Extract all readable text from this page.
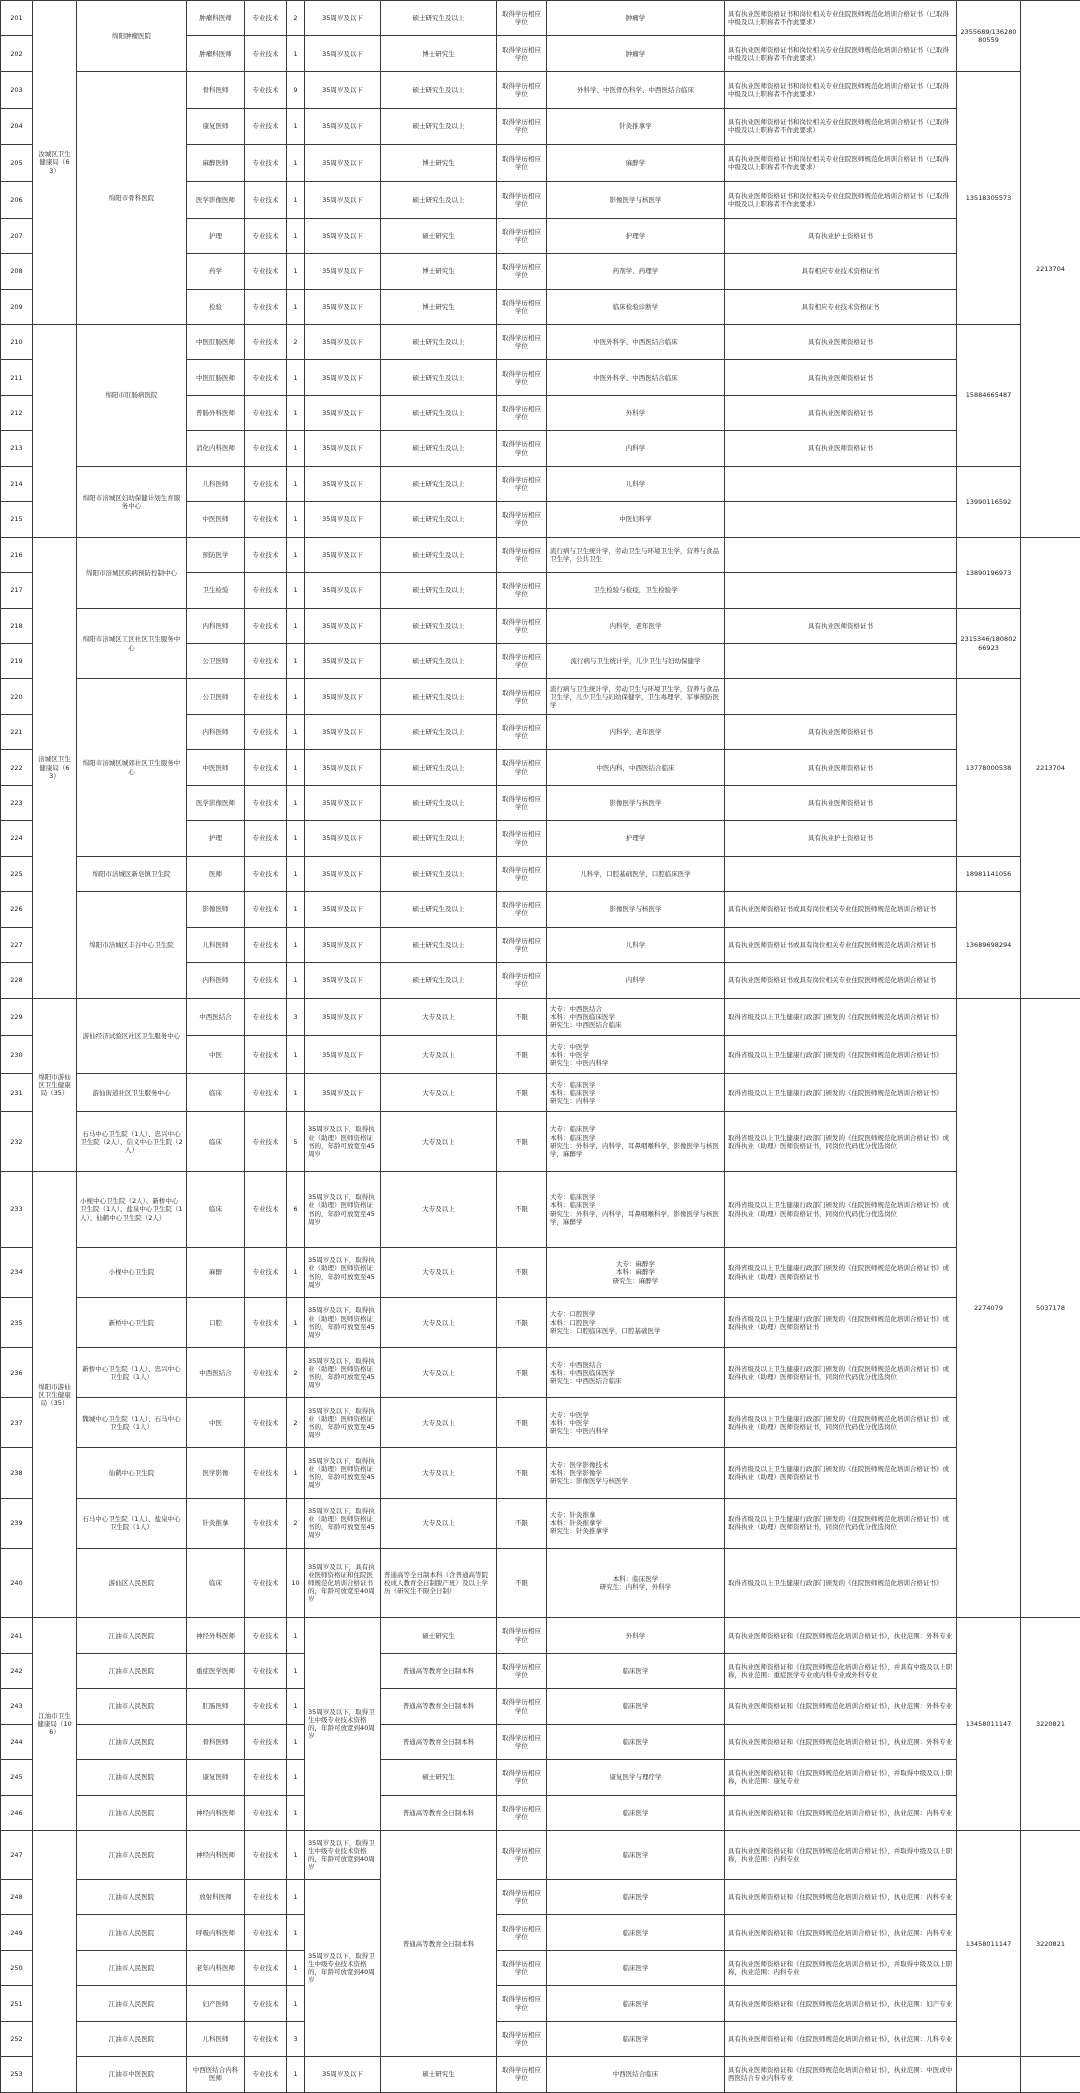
201	汝城区卫生健康局（63）	绵阳肿瘤医院	肿瘤科医师	专业技术	2	35周岁及以下	硕士研究生及以上	取得学历相应学位	肿瘤学	具有执业医师资格证书和岗位相关专业住院医师规范化培训合格证书（已取得中级及以上职称者不作此要求）	2355689/13628080559	2213704
202			肿瘤科医师	专业技术	1	35周岁及以下	博士研究生	取得学历相应学位	肿瘤学	具有执业医师资格证书和岗位相关专业住院医师规范化培训合格证书（已取得中级及以上职称者不作此要求）		
203		绵阳市骨科医院	骨科医师	专业技术	9	35周岁及以下	硕士研究生及以上	取得学历相应学位	外科学、中医骨伤科学、中西医结合临床	具有执业医师资格证书和岗位相关专业住院医师规范化培训合格证书（已取得中级及以上职称者不作此要求）	13518305573	
204			康复医师	专业技术	1	35周岁及以下	硕士研究生及以上	取得学历相应学位	针灸推拿学	具有执业医师资格证书和岗位相关专业住院医师规范化培训合格证书（已取得中级及以上职称者不作此要求）		
205			麻醉医师	专业技术	1	35周岁及以下	博士研究生	取得学历相应学位	麻醉学	具有执业医师资格证书和岗位相关专业住院医师规范化培训合格证书（已取得中级及以上职称者不作此要求）		
206			医学影像医师	专业技术	1	35周岁及以下	硕士研究生及以上	取得学历相应学位	影像医学与核医学	具有执业医师资格证书和岗位相关专业住院医师规范化培训合格证书（已取得中级及以上职称者不作此要求）		
207			护理	专业技术	1	35周岁及以下	硕士研究生	取得学历相应学位	护理学	具有执业护士资格证书		
208			药学	专业技术	1	35周岁及以下	博士研究生	取得学历相应学位	药剂学、药理学	具有相应专业技术资格证书		
209			检验	专业技术	1	35周岁及以下	博士研究生	取得学历相应学位	临床检验诊断学	具有相应专业技术资格证书		
210		绵阳市肛肠病医院	中医肛肠医师	专业技术	2	35周岁及以下	硕士研究生及以上	取得学历相应学位	中医外科学、中西医结合临床	具有执业医师资格证书	15884665487	
211			中医肛肠医师	专业技术	1	35周岁及以下	硕士研究生及以上	取得学历相应学位	中医外科学、中西医结合临床	具有执业医师资格证书		
212			普肠外科医师	专业技术	1	35周岁及以下	硕士研究生及以上	取得学历相应学位	外科学	具有执业医师资格证书		
213			消化内科医师	专业技术	1	35周岁及以下	硕士研究生及以上	取得学历相应学位	内科学	具有执业医师资格证书		
214		绵阳市涪城区妇幼保健计划生育服务中心	儿科医师	专业技术	1	35周岁及以下	硕士研究生及以上	取得学历相应学位	儿科学		13990116592	
215			中医医师	专业技术	1	35周岁及以下	硕士研究生及以上	取得学历相应学位	中医妇科学			
216	涪城区卫生健康局（63）	绵阳市涪城区疾病预防控制中心	预防医学	专业技术	1	35周岁及以下	硕士研究生及以上	取得学历相应学位	流行病与卫生统计学，劳动卫生与环境卫生学，营养与食品卫生学，公共卫生		13890196973	2213704
217			卫生检验	专业技术	1	35周岁及以下	硕士研究生及以上	取得学历相应学位	卫生检验与检疫，卫生检验学			
218		绵阳市涪城区工区社区卫生服务中心	内科医师	专业技术	1	35周岁及以下	硕士研究生及以上	取得学历相应学位	内科学，老年医学	具有执业医师资格证书	2315346/18080266923	
219			公卫医师	专业技术	1	35周岁及以下	硕士研究生及以上	取得学历相应学位	流行病与卫生统计学，儿少卫生与妇幼保健学			
220		绵阳市涪城区城郊社区卫生服务中心	公卫医师	专业技术	1	35周岁及以下	硕士研究生及以上	取得学历相应学位	流行病与卫生统计学，劳动卫生与环境卫生学，营养与食品卫生学，儿少卫生与妇幼保健学，卫生毒理学，军事预防医学		13778000538	
221			内科医师	专业技术	1	35周岁及以下	硕士研究生及以上	取得学历相应学位	内科学，老年医学	具有执业医师资格证书		
222			中医医师	专业技术	1	35周岁及以下	硕士研究生及以上	取得学历相应学位	中医内科，中西医结合临床	具有执业医师资格证书		
223			医学影像医师	专业技术	1	35周岁及以下	硕士研究生及以上	取得学历相应学位	影像医学与核医学	具有执业医师资格证书		
224			护理	专业技术	1	35周岁及以下	硕士研究生及以上	取得学历相应学位	护理学	具有执业护士资格证书		
225		绵阳市涪城区新皂镇卫生院	医师	专业技术	1	35周岁及以下	硕士研究生及以上	取得学历相应学位	儿科学，口腔基础医学，口腔临床医学		18981141056	
226		绵阳市涪城区丰谷中心卫生院	影像医师	专业技术	1	35周岁及以下	硕士研究生及以上	取得学历相应学位	影像医学与核医学	具有执业医师资格证书或具有岗位相关专业住院医师规范化培训合格证书	13689698294	
227			儿科医师	专业技术	1	35周岁及以下	硕士研究生及以上	取得学历相应学位	儿科学	具有执业医师资格证书或具有岗位相关专业住院医师规范化培训合格证书		
228			内科医师	专业技术	1	35周岁及以下	硕士研究生及以上	取得学历相应学位	内科学	具有执业医师资格证书或具有岗位相关专业住院医师规范化培训合格证书		
229	绵阳市游仙区卫生健康局（35）	游仙经济试验区社区卫生服务中心	中西医结合	专业技术	3	35周岁及以下	大专及以上	不限	大专：中西医结合
本科：中西医临床医学
研究生：中西医结合临床	取得省级及以上卫生健康行政部门颁发的《住院医师规范化培训合格证书》	2274079	5037178
230			中医	专业技术	1	35周岁及以下	大专及以上	不限	大专：中医学
本科：中医学
研究生：中医内科学	取得省级及以上卫生健康行政部门颁发的《住院医师规范化培训合格证书》		
231		游仙街道社区卫生服务中心	临床	专业技术	1	35周岁及以下	大专及以上	不限	大专：临床医学
本科：临床医学
研究生：内科学	取得省级及以上卫生健康行政部门颁发的《住院医师规范化培训合格证书》		
232		石马中心卫生院（1人）、忠兴中心卫生院（2人）、信义中心卫生院（2人）	临床	专业技术	5	35周岁及以下，取得执业（助理）医师资格证书的，年龄可放宽至45周岁	大专及以上	不限	大专：临床医学
本科：临床医学
研究生：外科学，内科学，耳鼻咽喉科学，影像医学与核医学，麻醉学	取得省级及以上卫生健康行政部门颁发的《住院医师规范化培训合格证书》或取得执业（助理）医师资格证书，同岗位代码优分优选岗位		
233	绵阳市游仙区卫生健康局（35）	小枧中心卫生院（2人）、新桥中心卫生院（1人）、盐泉中心卫生院（1人）、仙鹤中心卫生院（2人）	临床	专业技术	6	35周岁及以下，取得执业（助理）医师资格证书的，年龄可放宽至45周岁	大专及以上	不限	大专：临床医学
本科：临床医学
研究生：外科学，内科学，耳鼻咽喉科学，影像医学与核医学，麻醉学	取得省级及以上卫生健康行政部门颁发的《住院医师规范化培训合格证书》或取得执业（助理）医师资格证书，同岗位代码优分优选岗位		
234		小枧中心卫生院	麻醉	专业技术	1	35周岁及以下，取得执业（助理）医师资格证书的，年龄可放宽至45周岁	大专及以上	不限	大专：麻醉学
本科：麻醉学
研究生：麻醉学	取得省级及以上卫生健康行政部门颁发的《住院医师规范化培训合格证书》或取得执业（助理）医师资格证书		
235		新桥中心卫生院	口腔	专业技术	1	35周岁及以下，取得执业（助理）医师资格证书的，年龄可放宽至45周岁	大专及以上	不限	大专：口腔医学
本科：口腔医学
研究生：口腔临床医学，口腔基础医学	取得省级及以上卫生健康行政部门颁发的《住院医师规范化培训合格证书》或取得执业（助理）医师资格证书		
236		新桥中心卫生院（1人）、忠兴中心卫生院（1人）	中西医结合	专业技术	2	35周岁及以下，取得执业（助理）医师资格证书的，年龄可放宽至45周岁	大专及以上	不限	大专：中西医结合
本科：中西医临床医学
研究生：中西医结合临床	取得省级及以上卫生健康行政部门颁发的《住院医师规范化培训合格证书》或取得执业（助理）医师资格证书，同岗位代码优分优选岗位		
237		魏城中心卫生院（1人）、石马中心卫生院（1人）	中医	专业技术	2	35周岁及以下，取得执业（助理）医师资格证书的，年龄可放宽至45周岁	大专及以上	不限	大专：中医学
本科：中医学
研究生：中医内科学	取得省级及以上卫生健康行政部门颁发的《住院医师规范化培训合格证书》或取得执业（助理）医师资格证书，同岗位代码优分优选岗位		
238		仙鹤中心卫生院	医学影像	专业技术	1	35周岁及以下，取得执业（助理）医师资格证书的，年龄可放宽至45周岁	大专及以上	不限	大专：医学影像技术
本科：医学影像学
研究生：影像医学与核医学	取得省级及以上卫生健康行政部门颁发的《住院医师规范化培训合格证书》或取得执业（助理）医师资格证书		
239		石马中心卫生院（1人）、盐泉中心卫生院（1人）	针灸推拿	专业技术	2	35周岁及以下，取得执业（助理）医师资格证书的，年龄可放宽至45周岁	大专及以上	不限	大专：针灸推拿
本科：针灸推拿学
研究生：针灸推拿学	取得省级及以上卫生健康行政部门颁发的《住院医师规范化培训合格证书》或取得执业（助理）医师资格证书，同岗位代码优分优选岗位		
240		游仙区人民医院	临床	专业技术	10	35周岁及以下，具有执业医师资格证和住院医师规范化培训合格证书的，年龄可放宽至40周岁	普通高等全日制本科（含普通高等院校成人教育全日制脱产班）及以上学历（研究生不限全日制）	不限	本科：临床医学
研究生：内科学，外科学	取得省级及以上卫生健康行政部门颁发的《住院医师规范化培训合格证书》		
241	江油市卫生健康局（106）	江油市人民医院	神经外科医师	专业技术	1	35周岁及以下，取得卫生中级专业技术资格的，年龄可放宽到40周岁	硕士研究生	取得学历相应学位	外科学	具有执业医师资格证和《住院医师规范化培训合格证书》，执业范围：外科专业	13458011147	3220821
242		江油市人民医院	重症医学医师	专业技术	1		普通高等教育全日制本科	取得学历相应学位	临床医学	具有执业医师资格证和《住院医师规范化培训合格证书》，并具有中级及以上职称，执业范围：重症医学专业或内科专业或外科专业		
243		江油市人民医院	肛肠医师	专业技术	1		普通高等教育全日制本科	取得学历相应学位	临床医学	具有执业医师资格证和《住院医师规范化培训合格证书》，执业范围：外科专业		
244		江油市人民医院	骨科医师	专业技术	1		普通高等教育全日制本科	取得学历相应学位	临床医学	具有执业医师资格证和《住院医师规范化培训合格证书》，执业范围：外科专业		
245		江油市人民医院	康复医师	专业技术	1		硕士研究生	取得学历相应学位	康复医学与理疗学	具有执业医师资格证和《住院医师规范化培训合格证书》，并取得中级及以上职称，执业范围：康复专业		
246		江油市人民医院	神经内科医师	专业技术	1		普通高等教育全日制本科	取得学历相应学位	临床医学	具有执业医师资格证和《住院医师规范化培训合格证书》，执业范围：内科专业		
247		江油市人民医院	神经内科医师	专业技术	1	35周岁及以下，取得卫生中级专业技术资格的，年龄可放宽到40周岁	普通高等教育全日制本科	取得学历相应学位	临床医学	具有执业医师资格证和《住院医师规范化培训合格证书》，并取得中级及以上职称，执业范围：内科专业	13458011147	3220821
248		江油市人民医院	放射科医师	专业技术	1	35周岁及以下，取得卫生中级专业技术资格的，年龄可放宽到40周岁		取得学历相应学位	临床医学	具有执业医师资格证和《住院医师规范化培训合格证书》，执业范围：内科专业		
249		江油市人民医院	呼吸内科医师	专业技术	1			取得学历相应学位	临床医学	具有执业医师资格证和《住院医师规范化培训合格证书》，执业范围：内科专业		
250		江油市人民医院	老年内科医师	专业技术	1			取得学历相应学位	临床医学	具有执业医师资格证和《住院医师规范化培训合格证书》，并取得中级及以上职称，执业范围：内科专业		
251		江油市人民医院	妇产医师	专业技术	1			取得学历相应学位	临床医学	具有执业医师资格证和《住院医师规范化培训合格证书》，执业范围：妇产专业		
252		江油市人民医院	儿科医师	专业技术	3			取得学历相应学位	临床医学	具有执业医师资格证和《住院医师规范化培训合格证书》，执业范围：儿科专业		
253		江油市中医医院	中西医结合内科医师	专业技术	1	35周岁及以下	硕士研究生	取得学历相应学位	中西医结合临床	具有执业医师资格证和《住院医师规范化培训合格证书》，执业范围：中医或中西医结合专业内科专业		
